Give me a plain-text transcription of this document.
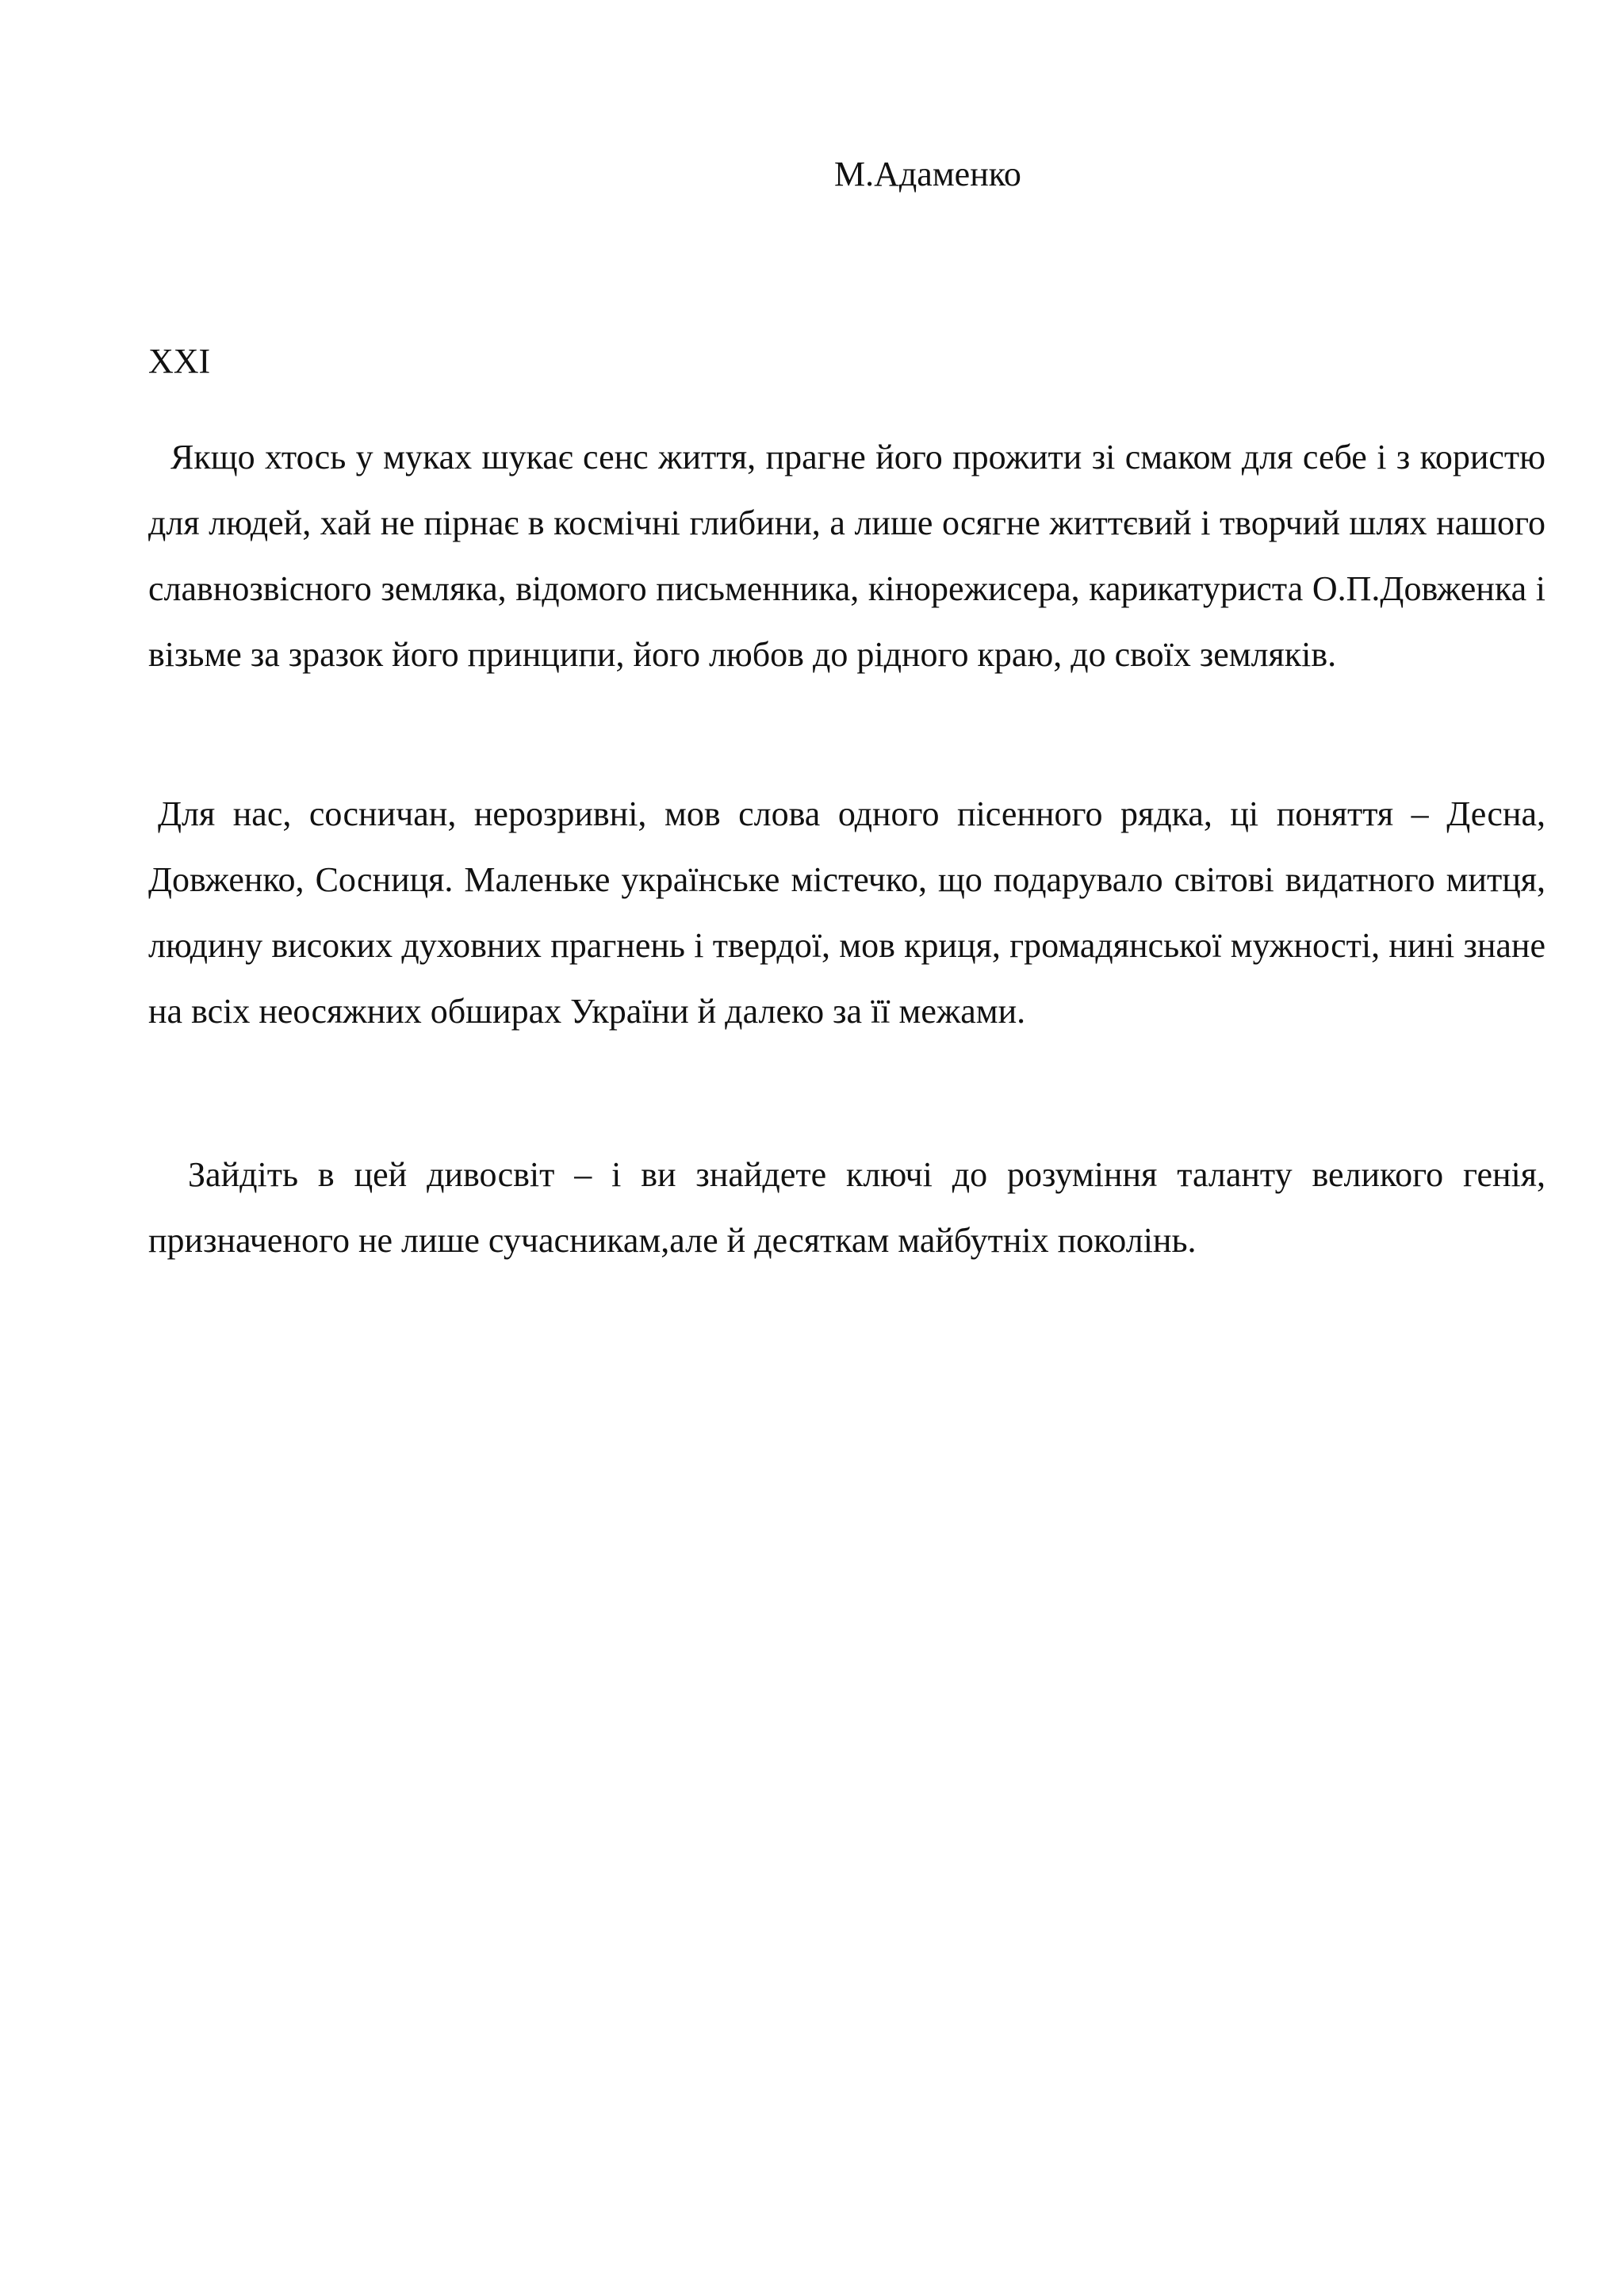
М.Адаменко
XXI

Якщо хтось у муках шукає сенс життя, прагне його прожити зі смаком для себе і з користю для людей, хай не пірнає в космічні глибини, а лише осягне життєвий і творчий шлях нашого славнозвісного земляка, відомого письменника, кінорежисера, карикатуриста О.П.Довженка і візьме за зразок його принципи, його любов до рідного краю, до своїх земляків.

Для нас, сосничан, нерозривні, мов слова одного пісенного рядка, ці поняття – Десна, Довженко, Сосниця. Маленьке українське містечко, що подарувало світові видатного митця, людину високих духовних прагнень і твердої, мов криця, громадянської мужності, нині знане на всіх неосяжних обширах України й далеко за її межами.

Зайдіть в цей дивосвіт – і ви знайдете ключі до розуміння таланту великого генія, призначеного не лише сучасникам,але й десяткам майбутніх поколінь.
